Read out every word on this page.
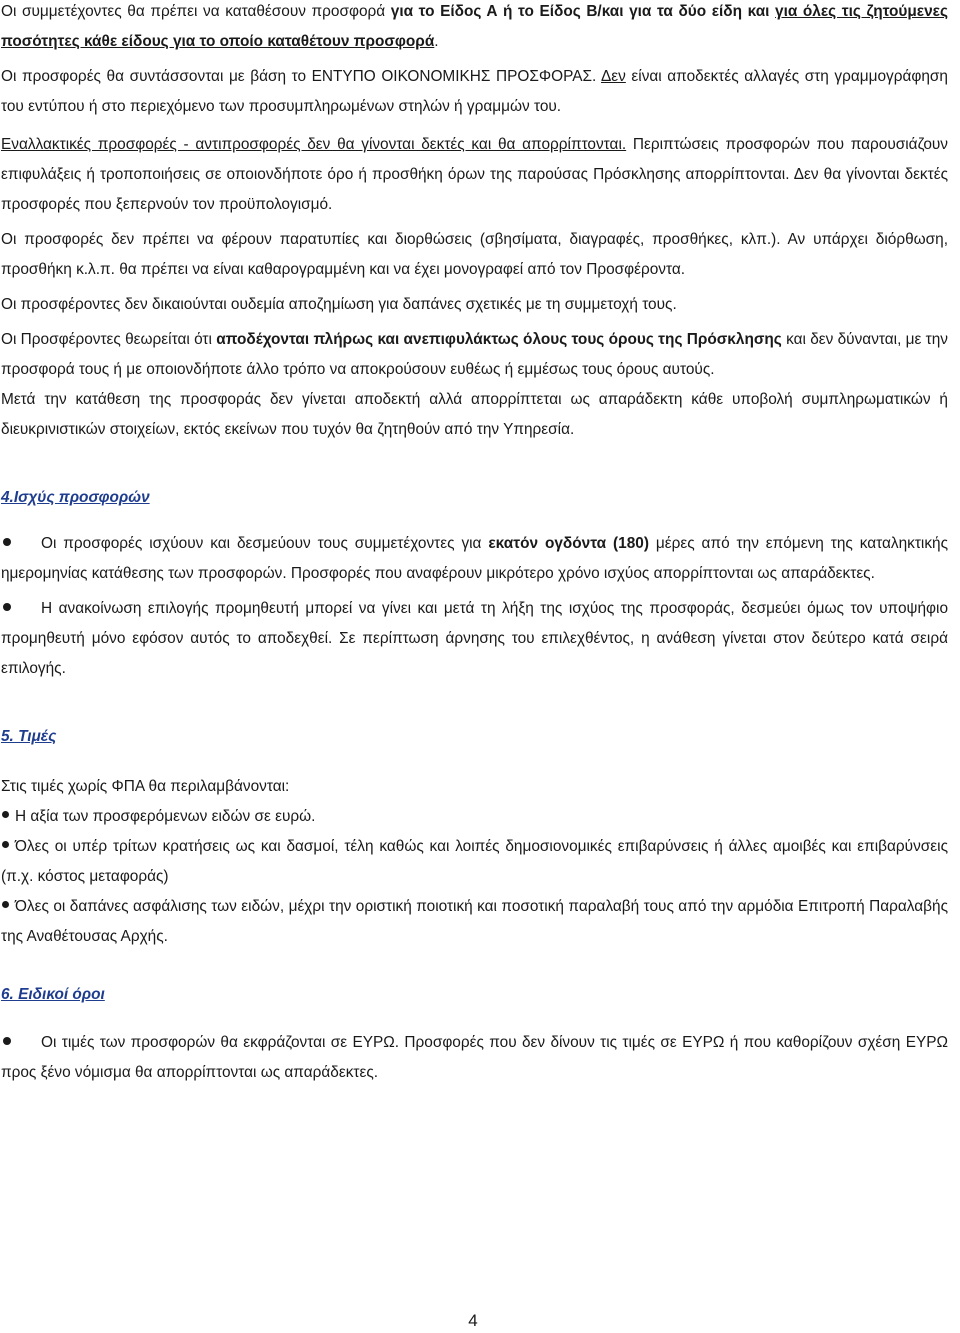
Οι συμμετέχοντες θα πρέπει να καταθέσουν προσφορά για το Είδος Α ή το Είδος Β/και για τα δύο είδη και για όλες τις ζητούμενες ποσότητες κάθε είδους για το οποίο καταθέτουν προσφορά.

Οι προσφορές θα συντάσσονται με βάση το ΕΝΤΥΠΟ ΟΙΚΟΝΟΜΙΚΗΣ ΠΡΟΣΦΟΡΑΣ. Δεν είναι αποδεκτές αλλαγές στη γραμμογράφηση του εντύπου ή στο περιεχόμενο των προσυμπληρωμένων στηλών ή γραμμών του.

Εναλλακτικές προσφορές - αντιπροσφορές δεν θα γίνονται δεκτές και θα απορρίπτονται. Περιπτώσεις προσφορών που παρουσιάζουν επιφυλάξεις ή τροποποιήσεις σε οποιονδήποτε όρο ή προσθήκη όρων της παρούσας Πρόσκλησης απορρίπτονται. Δεν θα γίνονται δεκτές προσφορές που ξεπερνούν τον προϋπολογισμό.

Οι προσφορές δεν πρέπει να φέρουν παρατυπίες και διορθώσεις (σβησίματα, διαγραφές, προσθήκες, κλπ.). Αν υπάρχει διόρθωση, προσθήκη κ.λ.π. θα πρέπει να είναι καθαρογραμμένη και να έχει μονογραφεί από τον Προσφέροντα.

Οι προσφέροντες δεν δικαιούνται ουδεμία αποζημίωση για δαπάνες σχετικές με τη συμμετοχή τους.

Οι Προσφέροντες θεωρείται ότι αποδέχονται πλήρως και ανεπιφυλάκτως όλους τους όρους της Πρόσκλησης και δεν δύνανται, με την προσφορά τους ή με οποιονδήποτε άλλο τρόπο να αποκρούσουν ευθέως ή εμμέσως τους όρους αυτούς.

Μετά την κατάθεση της προσφοράς δεν γίνεται αποδεκτή αλλά απορρίπτεται ως απαράδεκτη κάθε υποβολή συμπληρωματικών ή διευκρινιστικών στοιχείων, εκτός εκείνων που τυχόν θα ζητηθούν από την Υπηρεσία.

4.Ισχύς προσφορών

Οι προσφορές ισχύουν και δεσμεύουν τους συμμετέχοντες για εκατόν ογδόντα (180) μέρες από την επόμενη της καταληκτικής ημερομηνίας κατάθεσης των προσφορών. Προσφορές που αναφέρουν μικρότερο χρόνο ισχύος απορρίπτονται ως απαράδεκτες.

Η ανακοίνωση επιλογής προμηθευτή μπορεί να γίνει και μετά τη λήξη της ισχύος της προσφοράς, δεσμεύει όμως τον υποψήφιο προμηθευτή μόνο εφόσον αυτός το αποδεχθεί. Σε περίπτωση άρνησης του επιλεχθέντος, η ανάθεση γίνεται στον δεύτερο κατά σειρά επιλογής.

5. Τιμές

Στις τιμές χωρίς ΦΠΑ θα περιλαμβάνονται:

Η αξία των προσφερόμενων ειδών σε ευρώ.

Όλες οι υπέρ τρίτων κρατήσεις ως και δασμοί, τέλη καθώς και λοιπές δημοσιονομικές επιβαρύνσεις ή άλλες αμοιβές και επιβαρύνσεις (π.χ. κόστος μεταφοράς)

Όλες οι δαπάνες ασφάλισης των ειδών, μέχρι την οριστική ποιοτική και ποσοτική παραλαβή τους από την αρμόδια Επιτροπή Παραλαβής της Αναθέτουσας Αρχής.

6. Ειδικοί όροι

Οι τιμές των προσφορών θα εκφράζονται σε ΕΥΡΩ. Προσφορές που δεν δίνουν τις τιμές σε ΕΥΡΩ ή που καθορίζουν σχέση ΕΥΡΩ προς ξένο νόμισμα θα απορρίπτονται ως απαράδεκτες.

4
